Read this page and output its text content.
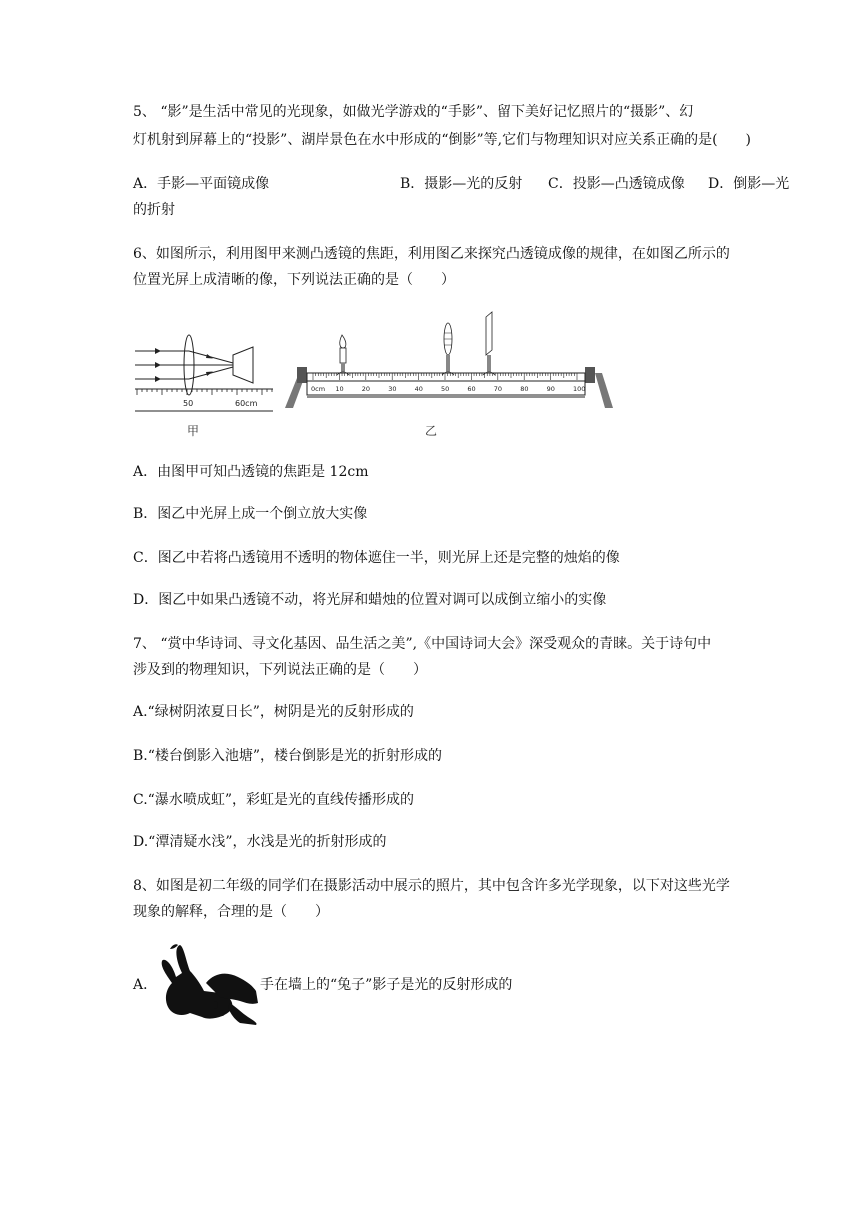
5、 “影”是生活中常见的光现象，如做光学游戏的“手影”、留下美好记忆照片的“摄影”、幻
灯机射到屏幕上的“投影”、湖岸景色在水中形成的“倒影”等,它们与物理知识对应关系正确的是(　　)
A．手影—平面镜成像	B．摄影—光的反射 C．投影—凸透镜成像 D．倒影—光
的折射
6、如图所示，利用图甲来测凸透镜的焦距，利用图乙来探究凸透镜成像的规律，在如图乙所示的
位置光屏上成清晰的像，下列说法正确的是（　　）
50	60cm
甲
0cm 10	20	30	40	50	60	70	80	90	100
乙
A．由图甲可知凸透镜的焦距是 12cm
B．图乙中光屏上成一个倒立放大实像
C．图乙中若将凸透镜用不透明的物体遮住一半，则光屏上还是完整的烛焰的像
D．图乙中如果凸透镜不动，将光屏和蜡烛的位置对调可以成倒立缩小的实像
7、 “赏中华诗词、寻文化基因、品生活之美”,《中国诗词大会》深受观众的青睐。关于诗句中
涉及到的物理知识，下列说法正确的是（　　）
A.“绿树阴浓夏日长”，树阴是光的反射形成的
B.“楼台倒影入池塘”，楼台倒影是光的折射形成的
C.“瀑水喷成虹”，彩虹是光的直线传播形成的
D.“潭清疑水浅”，水浅是光的折射形成的
8、如图是初二年级的同学们在摄影活动中展示的照片，其中包含许多光学现象，以下对这些光学
现象的解释，合理的是（　　）
A．	手在墙上的“兔子”影子是光的反射形成的
